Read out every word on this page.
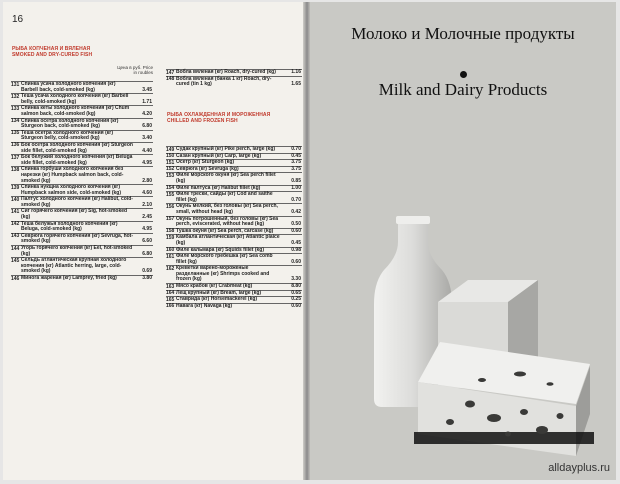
16
РЫБА КОПЧЕНАЯ И ВЯЛЕНАЯ
SMOKED AND DRY-CURED FISH
Цена в руб. Price in roubles
131 Спинка усача холодного копчения (кг) Barbell back, cold-smoked (kg)	3.45
132 Теша усача холодного копчения (кг) Barbell belly, cold-smoked (kg)	1.71
133 Спинка кеты холодного копчения (кг) Chum salmon back, cold-smoked (kg)	4.20
134 Спинка осетра холодного копчения (кг) Sturgeon back, cold-smoked (kg)	6.80
135 Теша осетра холодного копчения (кг) Sturgeon belly, cold-smoked (kg)	3.40
136 Бок осетра холодного копчения (кг) Sturgeon side fillet, cold-smoked (kg)	4.40
137 Бок белужий холодного копчения (кг) Beluga side fillet, cold-smoked (kg)	4.95
138 Спинка горбуши холодного копчения без нарезки (кг) Humpback salmon back, cold-smoked (kg)	2.80
139 Спинка нукщна холодного копчения (кг) Humpback salmon side, cold-smoked (kg)	4.60
140 Палтус холодного копчения (кг) Halibut, cold-smoked (kg)	2.10
141 Сиг горячего копчения (кг) Sig, hot-smoked (kg)	2.45
142 Теша белужья холодного копчения (кг) Beluga, cold-smoked (kg)	4.95
143 Севрюга горячего копчения (кг) Sevruga, hot-smoked (kg)	6.60
144 Угорь горячего копчения (кг) Eel, hot-smoked (kg)	6.80
145 Сельдь атлантическая крупная холодного копчения (кг) Atlantic herring, large, cold-smoked (kg)	0.69
146 Минога жареная (кг) Lamprey, fried (kg)	3.80
147 Вобла вяленая (кг) Roach, dry-cured (kg)	1.16
148 Вобла вяленая (банка 1 кг) Roach, dry-cured (tin 1 kg)	1.65
РЫБА ОХЛАЖДЕННАЯ И МОРОЖЕННАЯ
CHILLED AND FROZEN FISH
149 Судак крупный (кг) Pike perch, large (kg)	0.70
150 Сазан крупный (кг) Carp, large (kg)	0.45
151 Осетр (кг) Sturgeon (kg)	3.75
152 Севрюга (кг) Sevruga (kg)	3.75
153 Филе морского окуня (кг) Sea perch fillet (kg)	0.85
154 Филе палтуса (кг) Halibut fillet (kg)	1.00
155 Филе трески, сайды (кг) Cod and saithe fillet (kg)	0.70
156 Окунь мелкий, без головы (кг) Sea perch, small, without head (kg)	0.42
157 Окунь потрошенный, без головы (кг) Sea perch, eviscerated, without head (kg)	0.50
158 Тушка окуня (кг) Sea perch, carcase (kg)	0.60
159 Камбала атлантическая (кг) Atlantic plaice (kg)	0.45
160 Филе кальмара (кг) Squids fillet (kg)	0.98
161 Филе морского гребешка (кг) Sea comb fillet (kg)	0.60
162 Креветки варено-мороженые разделанные (кг) Shrimps cooked and frozen (kg)	3.30
163 Мясо крабов (кг) Crabmeat (kg)	8.80
164 Лещ крупный (кг) Bream, large (kg)	0.65
165 Ставрида (кг) Horsemackerel (kg)	0.25
166 Навага (кг) Navaga (kg)	0.60
Молоко и Молочные продукты
Milk and Dairy Products
alldayplus.ru
